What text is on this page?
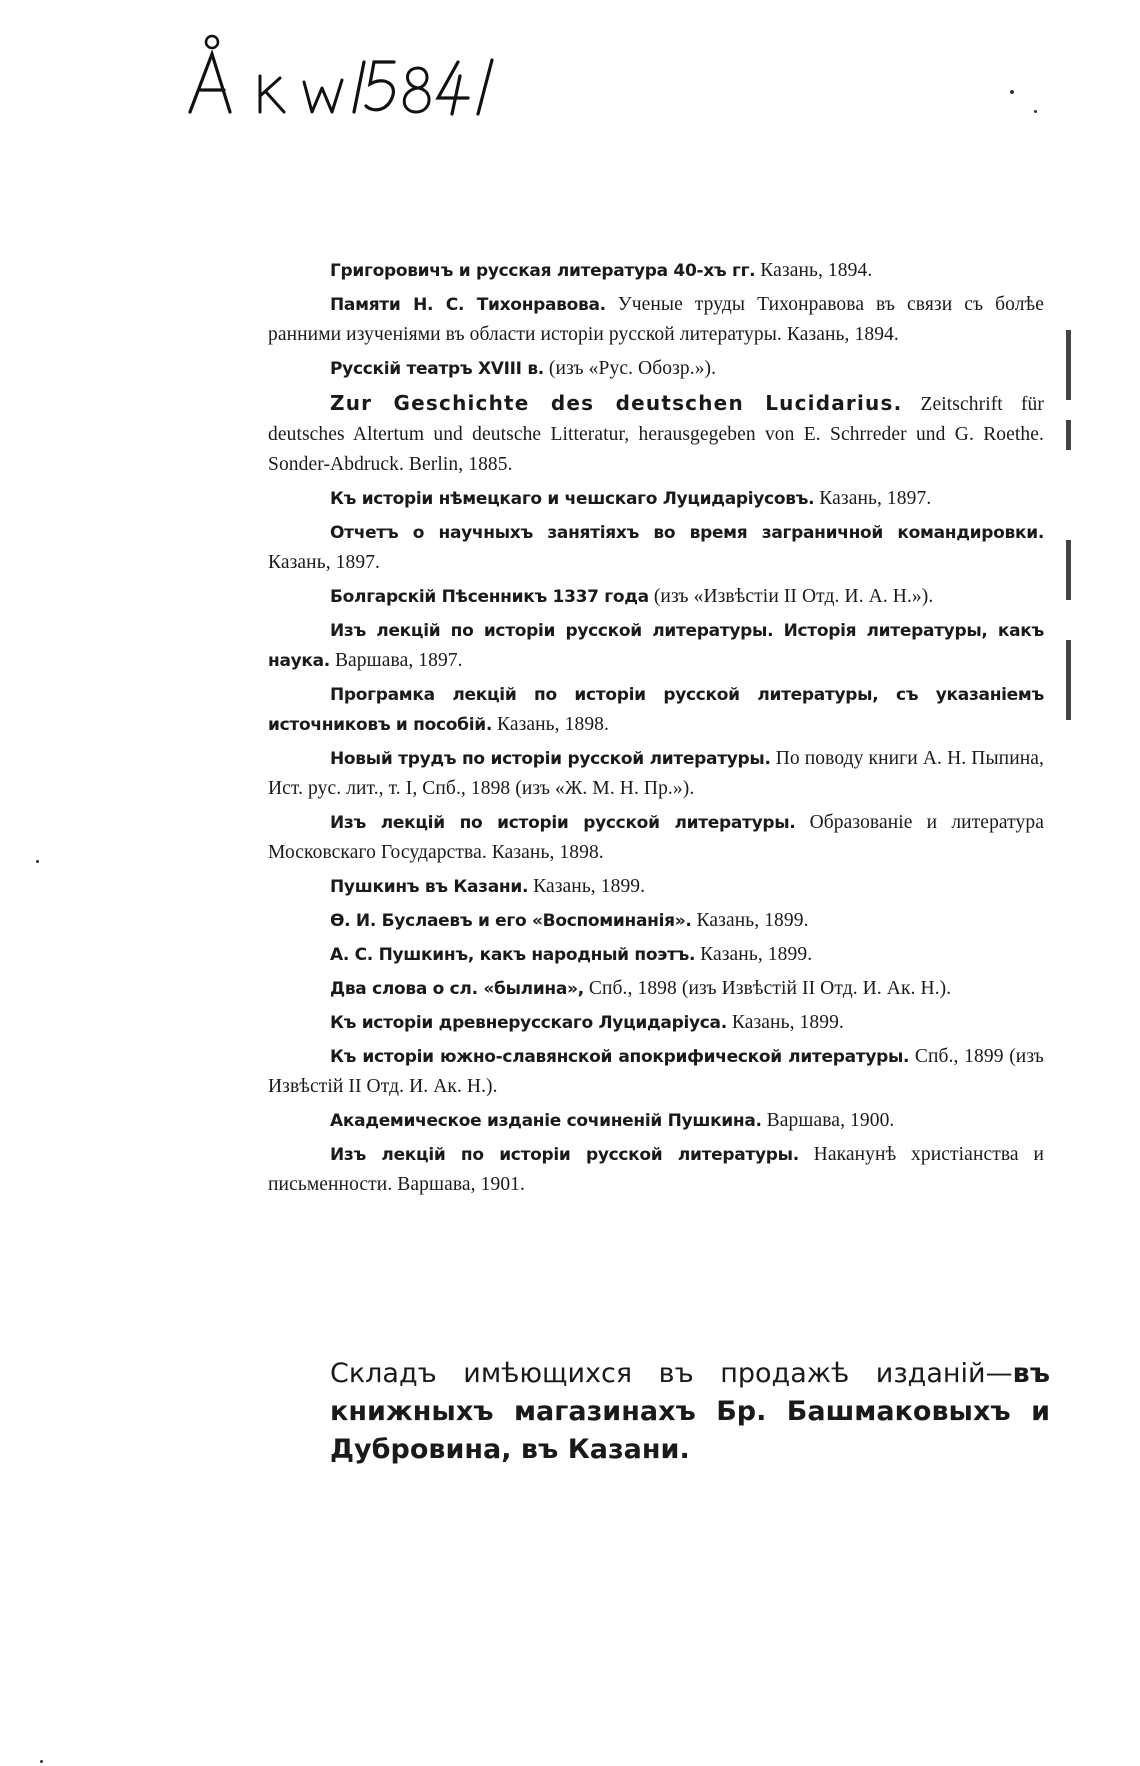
Å к w 15841

Григоровичъ и русская литература 40-хъ гг. Казань, 1894.

Памяти Н. С. Тихонравова. Ученые труды Тихонравова въ связи съ болѣе ранними изученіями въ области исторіи русской литературы. Казань, 1894.

Русскій театръ XVIII в. (изъ «Рус. Обозр.»).

Zur Geschichte des deutschen Lucidarius. Zeitschrift für deutsches Altertum und deutsche Litteratur, herausgegeben von E. Schrreder und G. Roethe. Sonder-Abdruck. Berlin, 1885.

Къ исторіи нѣмецкаго и чешскаго Луцидаріусовъ. Казань, 1897.

Отчетъ о научныхъ занятіяхъ во время заграничной командировки. Казань, 1897.

Болгарскій Пѣсенникъ 1337 года (изъ «Извѣстіи II Отд. И. А. Н.»).

Изъ лекцій по исторіи русской литературы. Исторія литературы, какъ наука. Варшава, 1897.

Програмка лекцій по исторіи русской литературы, съ указаніемъ источниковъ и пособій. Казань, 1898.

Новый трудъ по исторіи русской литературы. По поводу книги А. Н. Пыпина, Ист. рус. лит., т. I, Спб., 1898 (изъ «Ж. М. Н. Пр.»).

Изъ лекцій по исторіи русской литературы. Образованіе и литература Московскаго Государства. Казань, 1898.

Пушкинъ въ Казани. Казань, 1899.

Ѳ. И. Буслаевъ и его «Воспоминанія». Казань, 1899.

А. С. Пушкинъ, какъ народный поэтъ. Казань, 1899.

Два слова о сл. «былина», Спб., 1898 (изъ Извѣстій II Отд. И. Ак. Н.).

Къ исторіи древнерусскаго Луцидаріуса. Казань, 1899.

Къ исторіи южно-славянской апокрифической литературы. Спб., 1899 (изъ Извѣстій II Отд. И. Ак. Н.).

Академическое изданіе сочиненій Пушкина. Варшава, 1900.

Изъ лекцій по исторіи русской литературы. Наканунѣ христіанства и письменности. Варшава, 1901.

Складъ имѣющихся въ продажѣ изданій—въ книжныхъ магазинахъ Бр. Башмаковыхъ и Дубровина, въ Казани.
